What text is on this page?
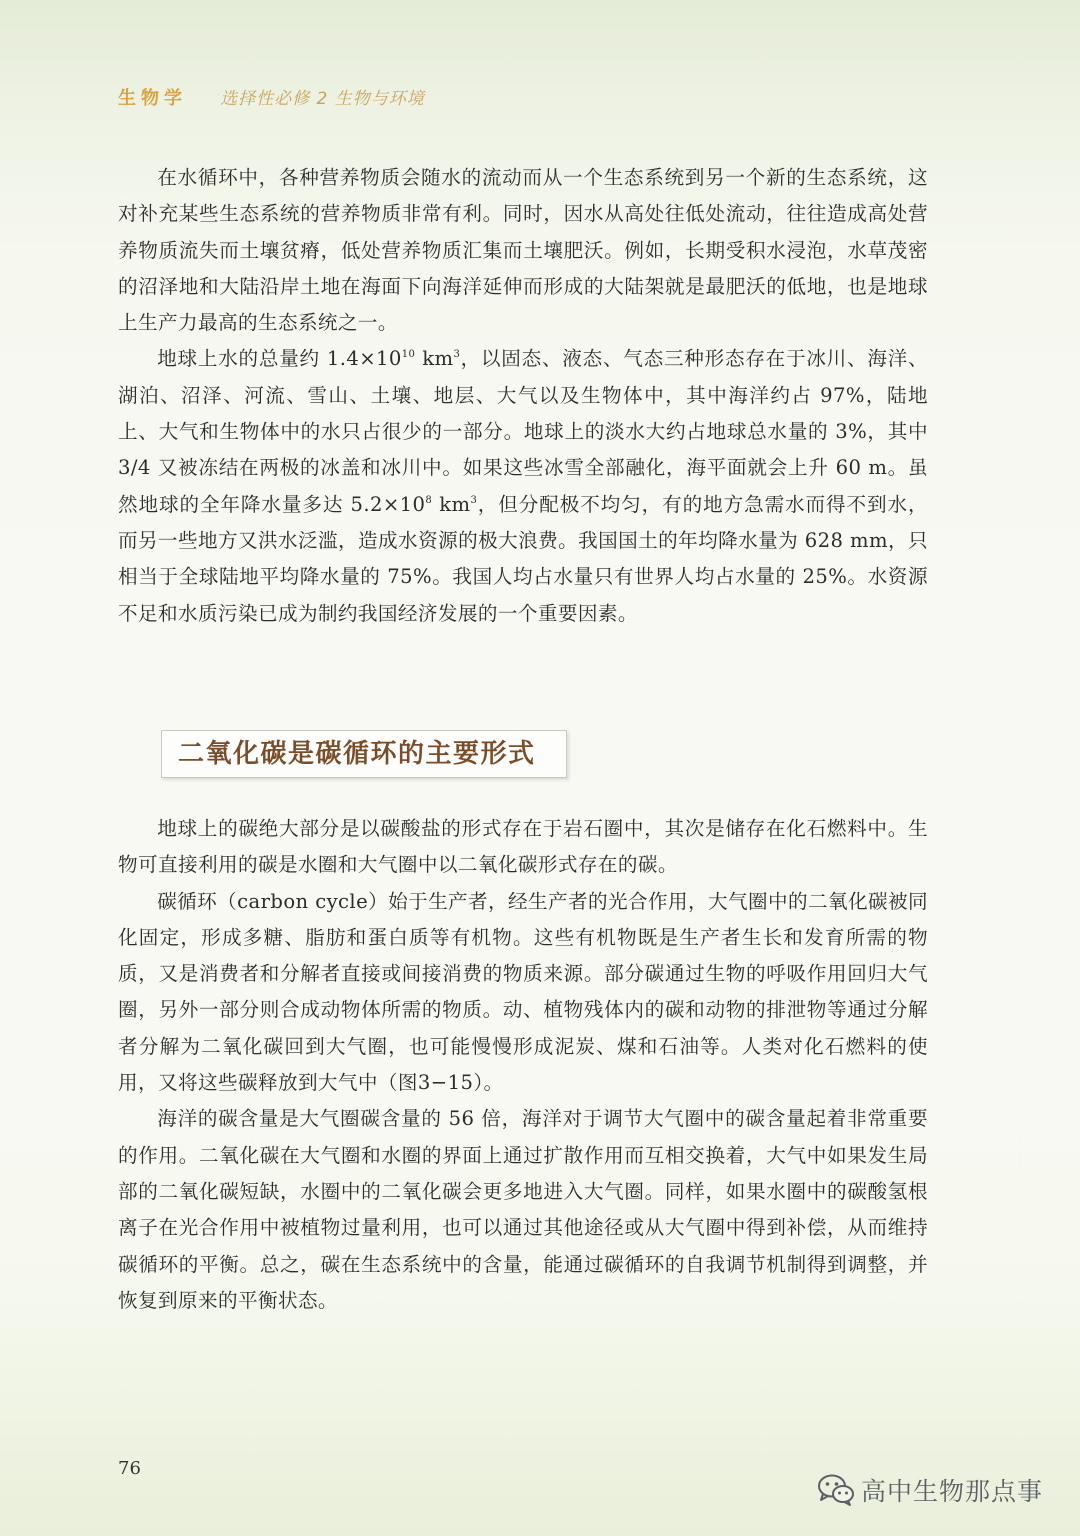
生物学 选择性必修 2 生物与环境

在水循环中，各种营养物质会随水的流动而从一个生态系统到另一个新的生态系统，这对补充某些生态系统的营养物质非常有利。同时，因水从高处往低处流动，往往造成高处营养物质流失而土壤贫瘠，低处营养物质汇集而土壤肥沃。例如，长期受积水浸泡，水草茂密的沼泽地和大陆沿岸土地在海面下向海洋延伸而形成的大陆架就是最肥沃的低地，也是地球上生产力最高的生态系统之一。

地球上水的总量约 $1.4\times 10^{10}$ $km^3$，以固态、液态、气态三种形态存在于冰川、海洋、湖泊、沼泽、河流、雪山、土壤、地层、大气以及生物体中，其中海洋约占 97%，陆地上、大气和生物体中的水只占很少的一部分。地球上的淡水大约占地球总水量的 3%，其中 3/4 又被冻结在两极的冰盖和冰川中。如果这些冰雪全部融化，海平面就会上升 60 m。虽然地球的全年降水量多达 $5.2\times 10^8$ $km^3$，但分配极不均匀，有的地方急需水而得不到水，而另一些地方又洪水泛滥，造成水资源的极大浪费。我国国土的年均降水量为 628 mm，只相当于全球陆地平均降水量的 75%。我国人均占水量只有世界人均占水量的 25%。水资源不足和水质污染已成为制约我国经济发展的一个重要因素。

二氧化碳是碳循环的主要形式

地球上的碳绝大部分是以碳酸盐的形式存在于岩石圈中，其次是储存在化石燃料中。生物可直接利用的碳是水圈和大气圈中以二氧化碳形式存在的碳。

碳循环（carbon cycle）始于生产者，经生产者的光合作用，大气圈中的二氧化碳被同化固定，形成多糖、脂肪和蛋白质等有机物。这些有机物既是生产者生长和发育所需的物质，又是消费者和分解者直接或间接消费的物质来源。部分碳通过生物的呼吸作用回归大气圈，另外一部分则合成动物体所需的物质。动、植物残体内的碳和动物的排泄物等通过分解者分解为二氧化碳回到大气圈，也可能慢慢形成泥炭、煤和石油等。人类对化石燃料的使用，又将这些碳释放到大气中（图3−15）。

海洋的碳含量是大气圈碳含量的 56 倍，海洋对于调节大气圈中的碳含量起着非常重要的作用。二氧化碳在大气圈和水圈的界面上通过扩散作用而互相交换着，大气中如果发生局部的二氧化碳短缺，水圈中的二氧化碳会更多地进入大气圈。同样，如果水圈中的碳酸氢根离子在光合作用中被植物过量利用，也可以通过其他途径或从大气圈中得到补偿，从而维持碳循环的平衡。总之，碳在生态系统中的含量，能通过碳循环的自我调节机制得到调整，并恢复到原来的平衡状态。

76
高中生物那点事
